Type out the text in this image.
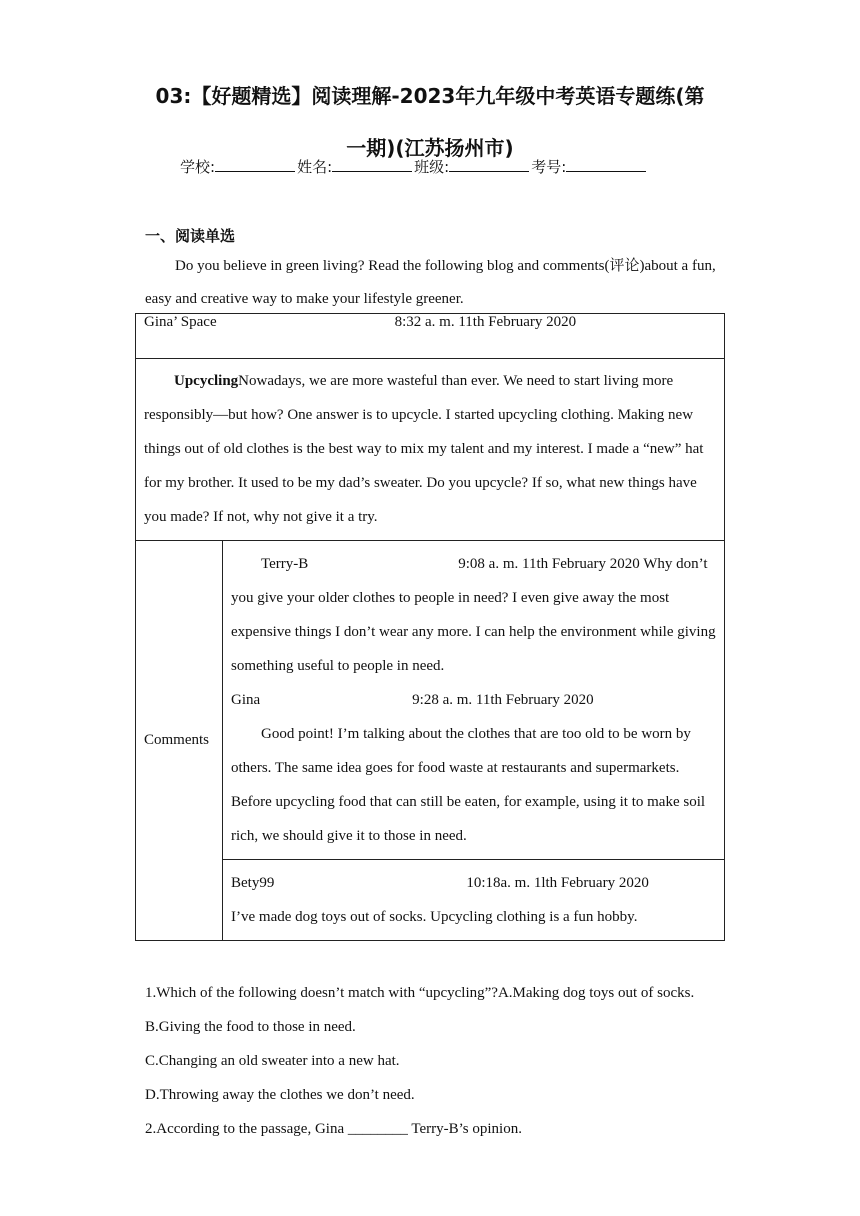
03:【好题精选】阅读理解-2023年九年级中考英语专题练(第
一期)(江苏扬州市)
学校:	姓名:	班级:	考号:
一、阅读单选
Do you believe in green living? Read the following blog and comments(评论)about a fun, easy and creative way to make your lifestyle greener.
Gina’ Space	8:32 a. m. 11th February 2020

UpcyclingNowadays, we are more wasteful than ever. We need to start living more responsibly—but how? One answer is to upcycle. I started upcycling clothing. Making new things out of old clothes is the best way to mix my talent and my interest. I made a “new” hat for my brother. It used to be my dad’s sweater. Do you upcycle? If so, what new things have you made? If not, why not give it a try.

Comments	
Terry-B	9:08 a. m. 11th February 2020 Why don’t you give your older clothes to people in need? I even give away the most expensive things I don’t wear any more. I can help the environment while giving something useful to people in need.
Gina	9:28 a. m. 11th February 2020
Good point! I’m talking about the clothes that are too old to be worn by others. The same idea goes for food waste at restaurants and supermarkets. Before upcycling food that can still be eaten, for example, using it to make soil rich, we should give it to those in need.

Bety99	10:18a. m. 1lth February 2020
I’ve made dog toys out of socks. Upcycling clothing is a fun hobby.
1.Which of the following doesn’t match with “upcycling”?A.Making dog toys out of socks.
B.Giving the food to those in need.
C.Changing an old sweater into a new hat.
D.Throwing away the clothes we don’t need.
2.According to the passage, Gina ________ Terry-B’s opinion.
